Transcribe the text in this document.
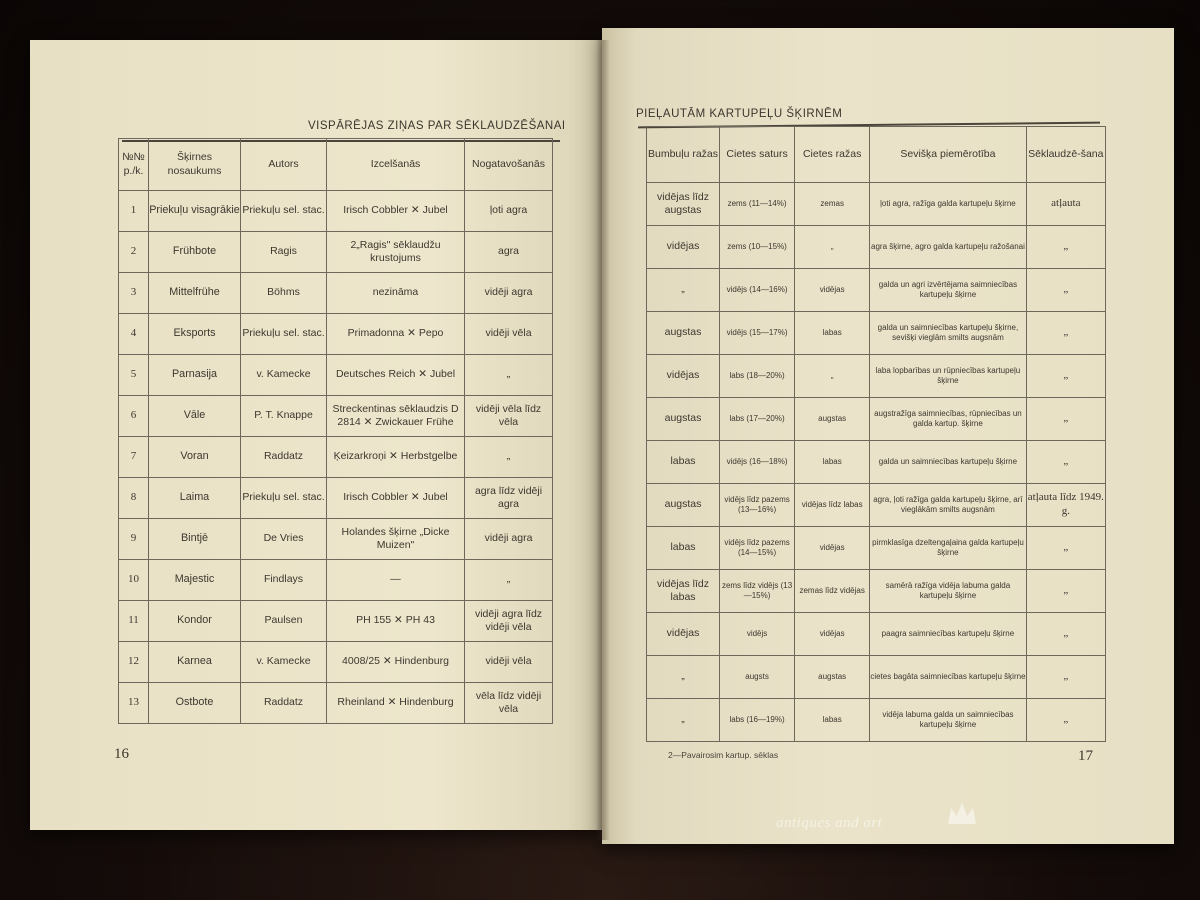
VISPĀRĒJAS ZIŅAS PAR SĒKLAUDZĒŠANAI
№№ p./k.	Šķirnes nosaukums	Autors	Izcelšanās	Nogatavošanās
1	Priekuļu visagrākie	Priekuļu sel. stac.	Irisch Cobbler ✕ Jubel	ļoti agra
2	Frühbote	Ragis	2„Ragis" sēklaudžu krustojums	agra
3	Mittelfrühe	Böhms	nezināma	vidēji agra
4	Eksports	Priekuļu sel. stac.	Primadonna ✕ Pepo	vidēji vēla
5	Parnasija	v. Kamecke	Deutsches Reich ✕ Jubel	„
6	Vāle	P. T. Knappe	Streckentinas sēklaudzis D 2814 ✕ Zwickauer Frühe	vidēji vēla līdz vēla
7	Voran	Raddatz	Ķeizarkroņi ✕ Herbstgelbe	„
8	Laima	Priekuļu sel. stac.	Irisch Cobbler ✕ Jubel	agra līdz vidēji agra
9	Bintjē	De Vries	Holandes šķirne „Dicke Muizen"	vidēji agra
10	Majestic	Findlays	—	„
11	Kondor	Paulsen	PH 155 ✕ PH 43	vidēji agra līdz vidēji vēla
12	Karnea	v. Kamecke	4008/25 ✕ Hindenburg	vidēji vēla
13	Ostbote	Raddatz	Rheinland ✕ Hindenburg	vēla līdz vidēji vēla
16
PIEĻAUTĀM KARTUPEĻU ŠĶIRNĒM
Bumbuļu ražas	Cietes saturs	Cietes ražas	Sevišķa piemērotība	Sēklaudzē-šana
vidējas līdz augstas	zems (11—14%)	zemas	ļoti agra, ražīga galda kartupeļu šķirne	atļauta
vidējas	zems (10—15%)	„	agra šķirne, agro galda kartupeļu ražošanai	„
„	vidējs (14—16%)	vidējas	galda un agri izvērtējama saimniecības kartupeļu šķirne	„
augstas	vidējs (15—17%)	labas	galda un saimniecības kartupeļu šķirne, sevišķi vieglām smilts augsnām	„
vidējas	labs (18—20%)	„	laba lopbarības un rūpniecības kartupeļu šķirne	„
augstas	labs (17—20%)	augstas	augstražīga saimniecības, rūpniecības un galda kartup. šķirne	„
labas	vidējs (16—18%)	labas	galda un saimniecības kartupeļu šķirne	„
augstas	vidējs līdz pazems (13—16%)	vidējas līdz labas	agra, ļoti ražīga galda kartupeļu šķirne, arī vieglākām smilts augsnām	atļauta līdz 1949. g.
labas	vidējs līdz pazems (14—15%)	vidējas	pirmklasīga dzeltengaļaina galda kartupeļu šķirne	„
vidējas līdz labas	zems līdz vidējs (13—15%)	zemas līdz vidējas	samērā ražīga vidēja labuma galda kartupeļu šķirne	„
vidējas	vidējs	vidējas	paagra saimniecības kartupeļu šķirne	„
„	augsts	augstas	cietes bagāta saimniecības kartupeļu šķirne	„
„	labs (16—19%)	labas	vidēja labuma galda un saimniecības kartupeļu šķirne	„
2—Pavairosim kartup. sēklas	17
antiques and art
